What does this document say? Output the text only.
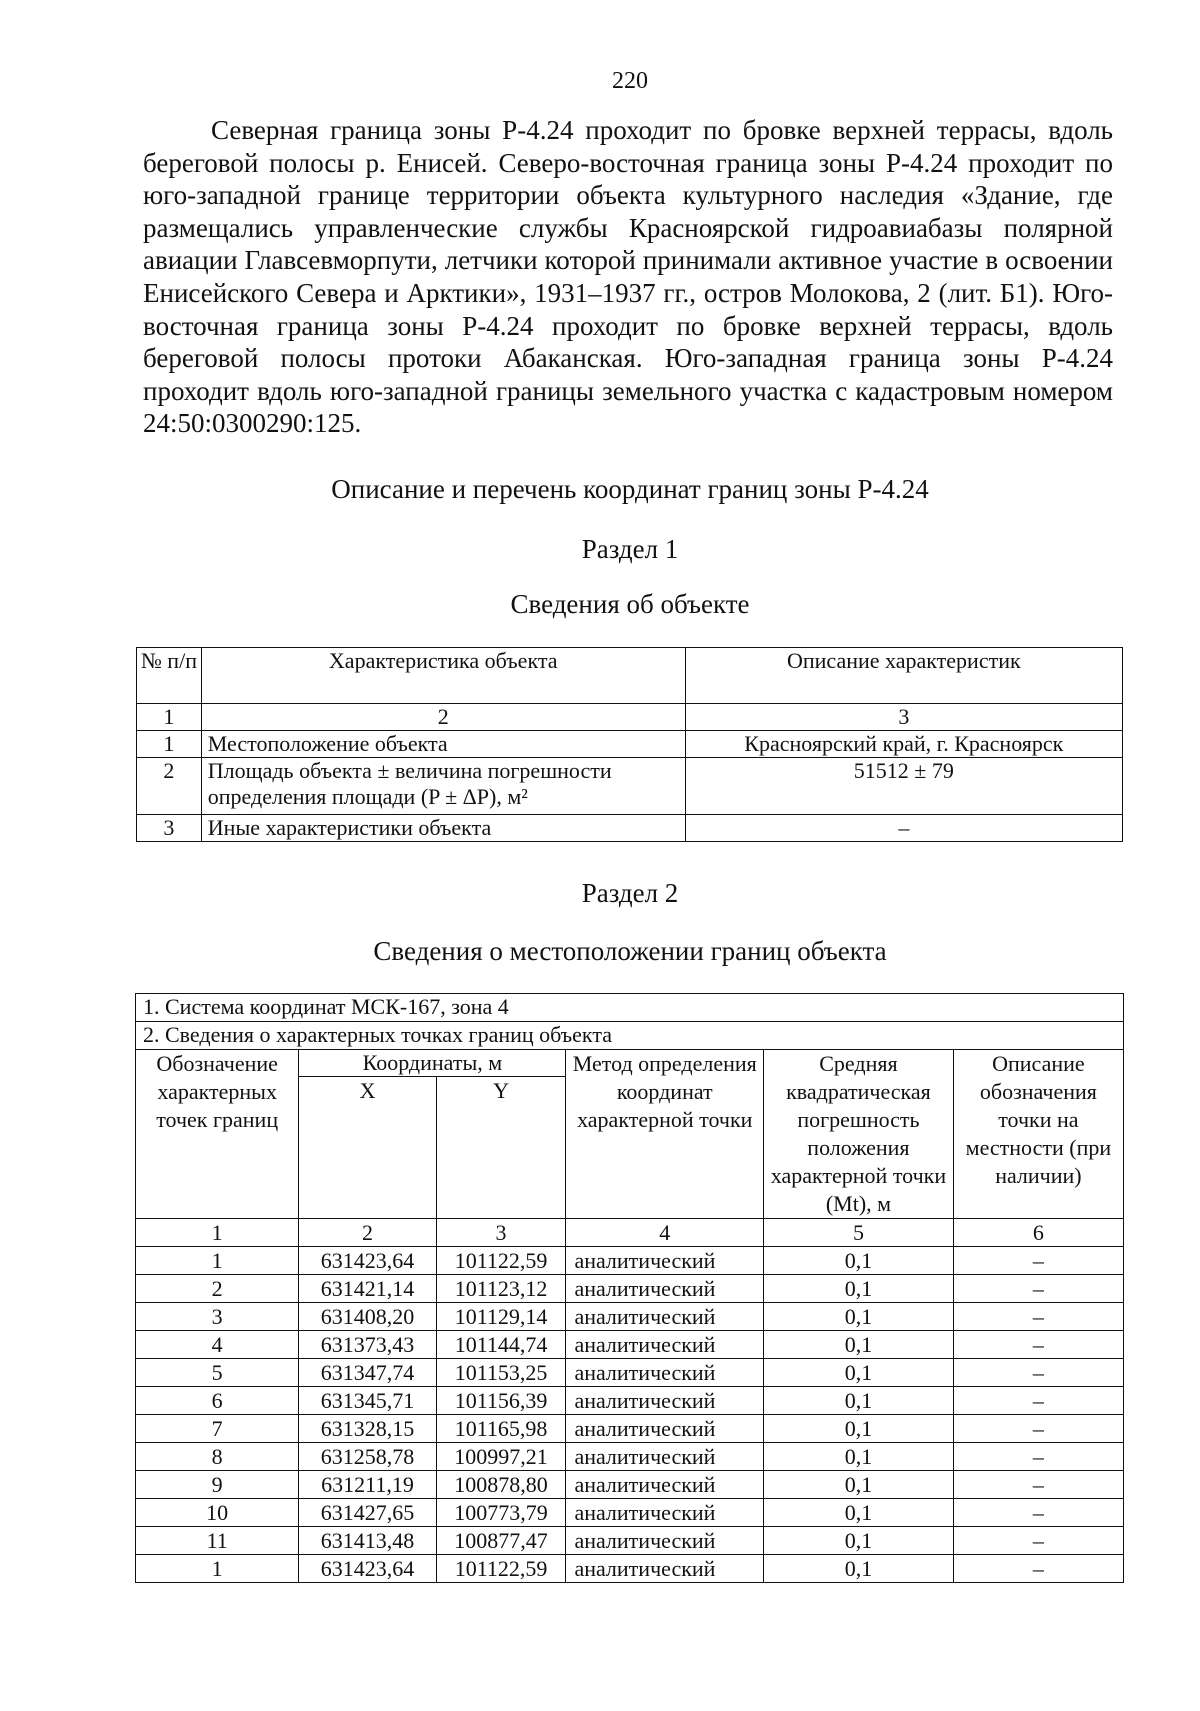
220

Северная граница зоны Р-4.24 проходит по бровке верхней террасы, вдоль береговой полосы р. Енисей. Северо-восточная граница зоны Р-4.24 проходит по юго-западной границе территории объекта культурного наследия «Здание, где размещались управленческие службы Красноярской гидроавиабазы полярной авиации Главсевморпути, летчики которой принимали активное участие в освоении Енисейского Севера и Арктики», 1931–1937 гг., остров Молокова, 2 (лит. Б1). Юго-восточная граница зоны Р-4.24 проходит по бровке верхней террасы, вдоль береговой полосы протоки Абаканская. Юго-западная граница зоны Р-4.24 проходит вдоль юго-западной границы земельного участка с кадастровым номером 24:50:0300290:125.

Описание и перечень координат границ зоны Р-4.24
Раздел 1
Сведения об объекте
№ п/п	Характеристика объекта	Описание характеристик
1	2	3
1	Местоположение объекта	Красноярский край, г. Красноярск
2	Площадь объекта ± величина погрешности определения площади (P ± ΔP), м²	51512 ± 79
3	Иные характеристики объекта	–
Раздел 2
Сведения о местоположении границ объекта
1. Система координат МСК-167, зона 4					
2. Сведения о характерных точках границ объекта					
Обозначение характерных точек границ	Координаты, м		Метод определения координат характерной точки	Средняя квадратическая погрешность положения характерной точки (Mt), м	Описание обозначения точки на местности (при наличии)
	X	Y			
1	2	3	4	5	6
1	631423,64	101122,59	аналитический	0,1	–
2	631421,14	101123,12	аналитический	0,1	–
3	631408,20	101129,14	аналитический	0,1	–
4	631373,43	101144,74	аналитический	0,1	–
5	631347,74	101153,25	аналитический	0,1	–
6	631345,71	101156,39	аналитический	0,1	–
7	631328,15	101165,98	аналитический	0,1	–
8	631258,78	100997,21	аналитический	0,1	–
9	631211,19	100878,80	аналитический	0,1	–
10	631427,65	100773,79	аналитический	0,1	–
11	631413,48	100877,47	аналитический	0,1	–
1	631423,64	101122,59	аналитический	0,1	–
